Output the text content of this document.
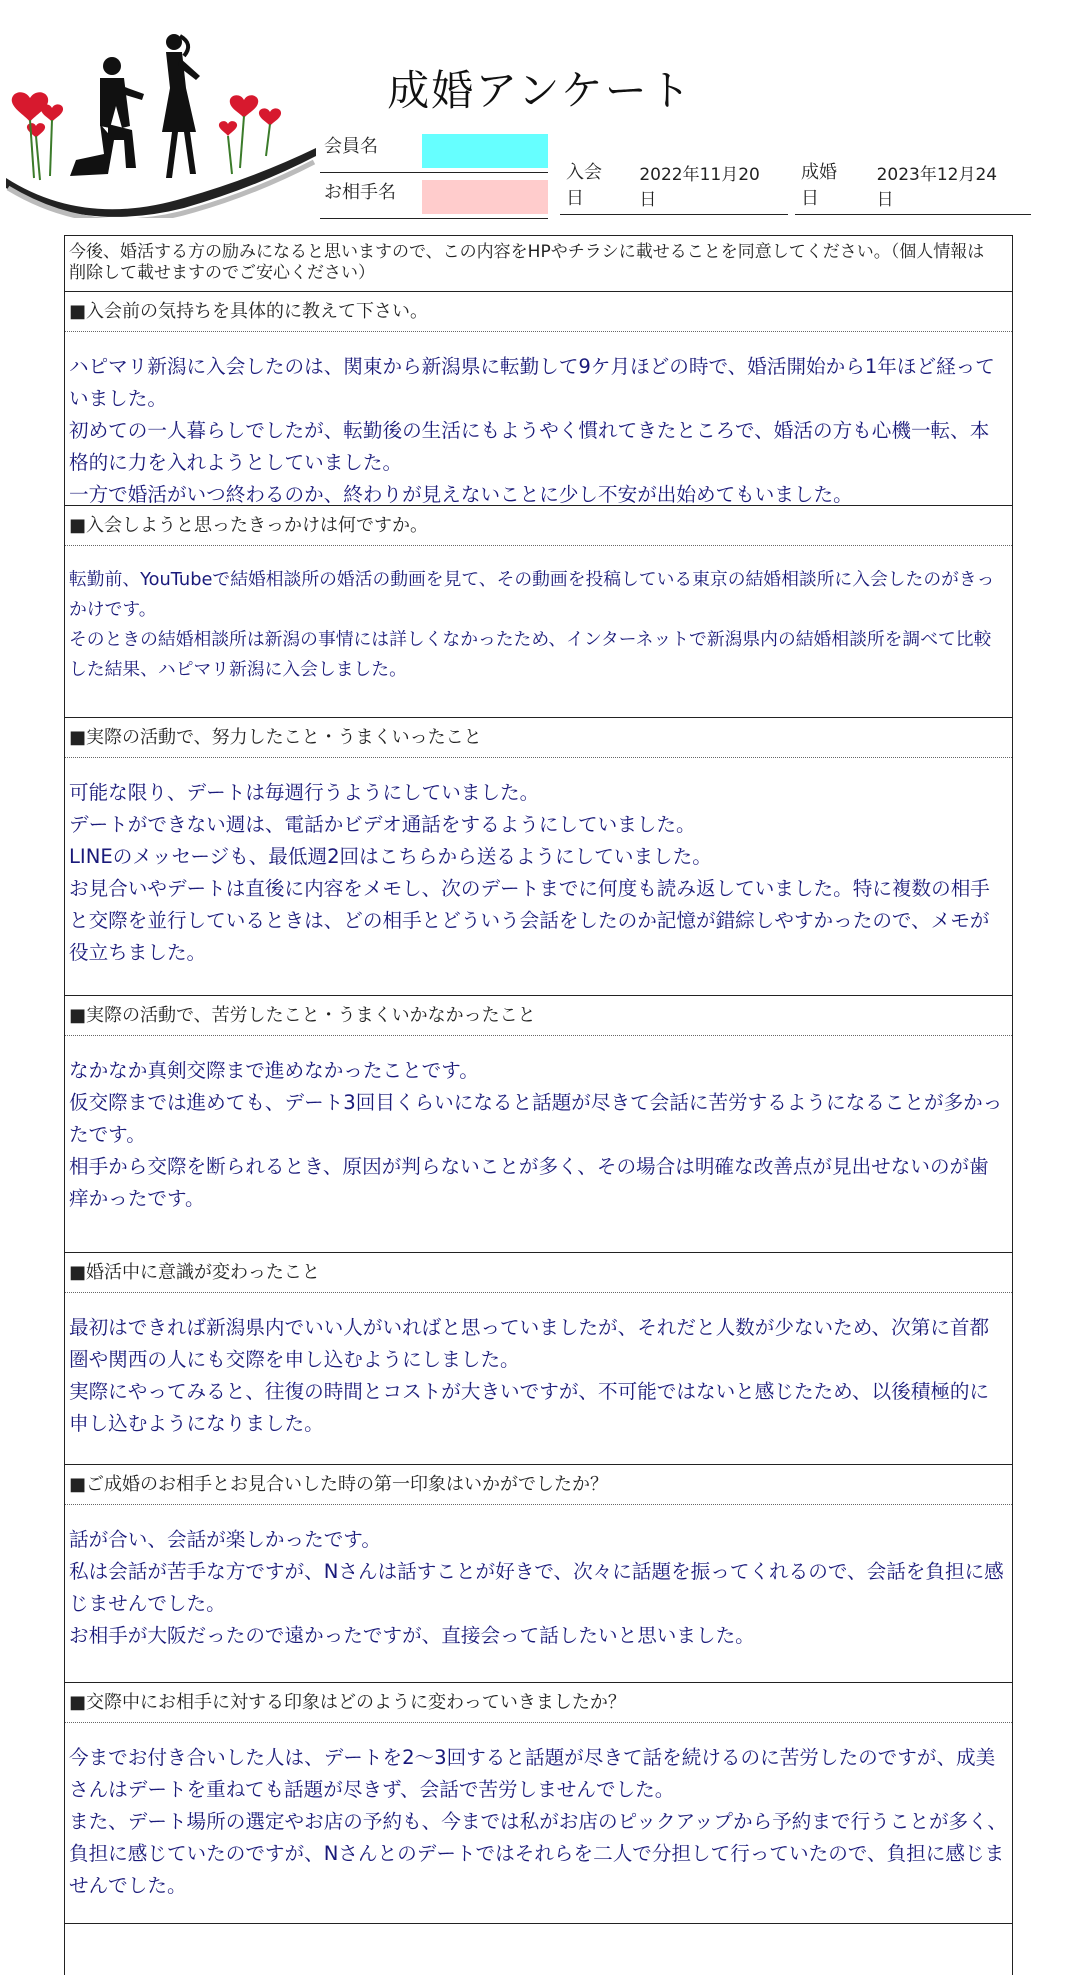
成婚アンケート
会員名
お相手名
入会日
2022年11月20日
成婚日
2023年12月24日
今後、婚活する方の励みになると思いますので、この内容をHPやチラシに載せることを同意してください。（個人情報は削除して載せますのでご安心ください）
■入会前の気持ちを具体的に教えて下さい。

ハピマリ新潟に入会したのは、関東から新潟県に転勤して9ケ月ほどの時で、婚活開始から1年ほど経っていました。

初めての一人暮らしでしたが、転勤後の生活にもようやく慣れてきたところで、婚活の方も心機一転、本格的に力を入れようとしていました。

一方で婚活がいつ終わるのか、終わりが見えないことに少し不安が出始めてもいました。

■入会しようと思ったきっかけは何ですか。

転勤前、YouTubeで結婚相談所の婚活の動画を見て、その動画を投稿している東京の結婚相談所に入会したのがきっかけです。

そのときの結婚相談所は新潟の事情には詳しくなかったため、インターネットで新潟県内の結婚相談所を調べて比較した結果、ハピマリ新潟に入会しました。

■実際の活動で、努力したこと・うまくいったこと

可能な限り、デートは毎週行うようにしていました。

デートができない週は、電話かビデオ通話をするようにしていました。

LINEのメッセージも、最低週2回はこちらから送るようにしていました。

お見合いやデートは直後に内容をメモし、次のデートまでに何度も読み返していました。特に複数の相手と交際を並行しているときは、どの相手とどういう会話をしたのか記憶が錯綜しやすかったので、メモが役立ちました。

■実際の活動で、苦労したこと・うまくいかなかったこと

なかなか真剣交際まで進めなかったことです。

仮交際までは進めても、デート3回目くらいになると話題が尽きて会話に苦労するようになることが多かったです。

相手から交際を断られるとき、原因が判らないことが多く、その場合は明確な改善点が見出せないのが歯痒かったです。

■婚活中に意識が変わったこと

最初はできれば新潟県内でいい人がいればと思っていましたが、それだと人数が少ないため、次第に首都圏や関西の人にも交際を申し込むようにしました。

実際にやってみると、往復の時間とコストが大きいですが、不可能ではないと感じたため、以後積極的に申し込むようになりました。

■ご成婚のお相手とお見合いした時の第一印象はいかがでしたか？

話が合い、会話が楽しかったです。

私は会話が苦手な方ですが、Nさんは話すことが好きで、次々に話題を振ってくれるので、会話を負担に感じませんでした。

お相手が大阪だったので遠かったですが、直接会って話したいと思いました。

■交際中にお相手に対する印象はどのように変わっていきましたか？

今までお付き合いした人は、デートを2～3回すると話題が尽きて話を続けるのに苦労したのですが、成美さんはデートを重ねても話題が尽きず、会話で苦労しませんでした。

また、デート場所の選定やお店の予約も、今までは私がお店のピックアップから予約まで行うことが多く、負担に感じていたのですが、Nさんとのデートではそれらを二人で分担して行っていたので、負担に感じませんでした。
